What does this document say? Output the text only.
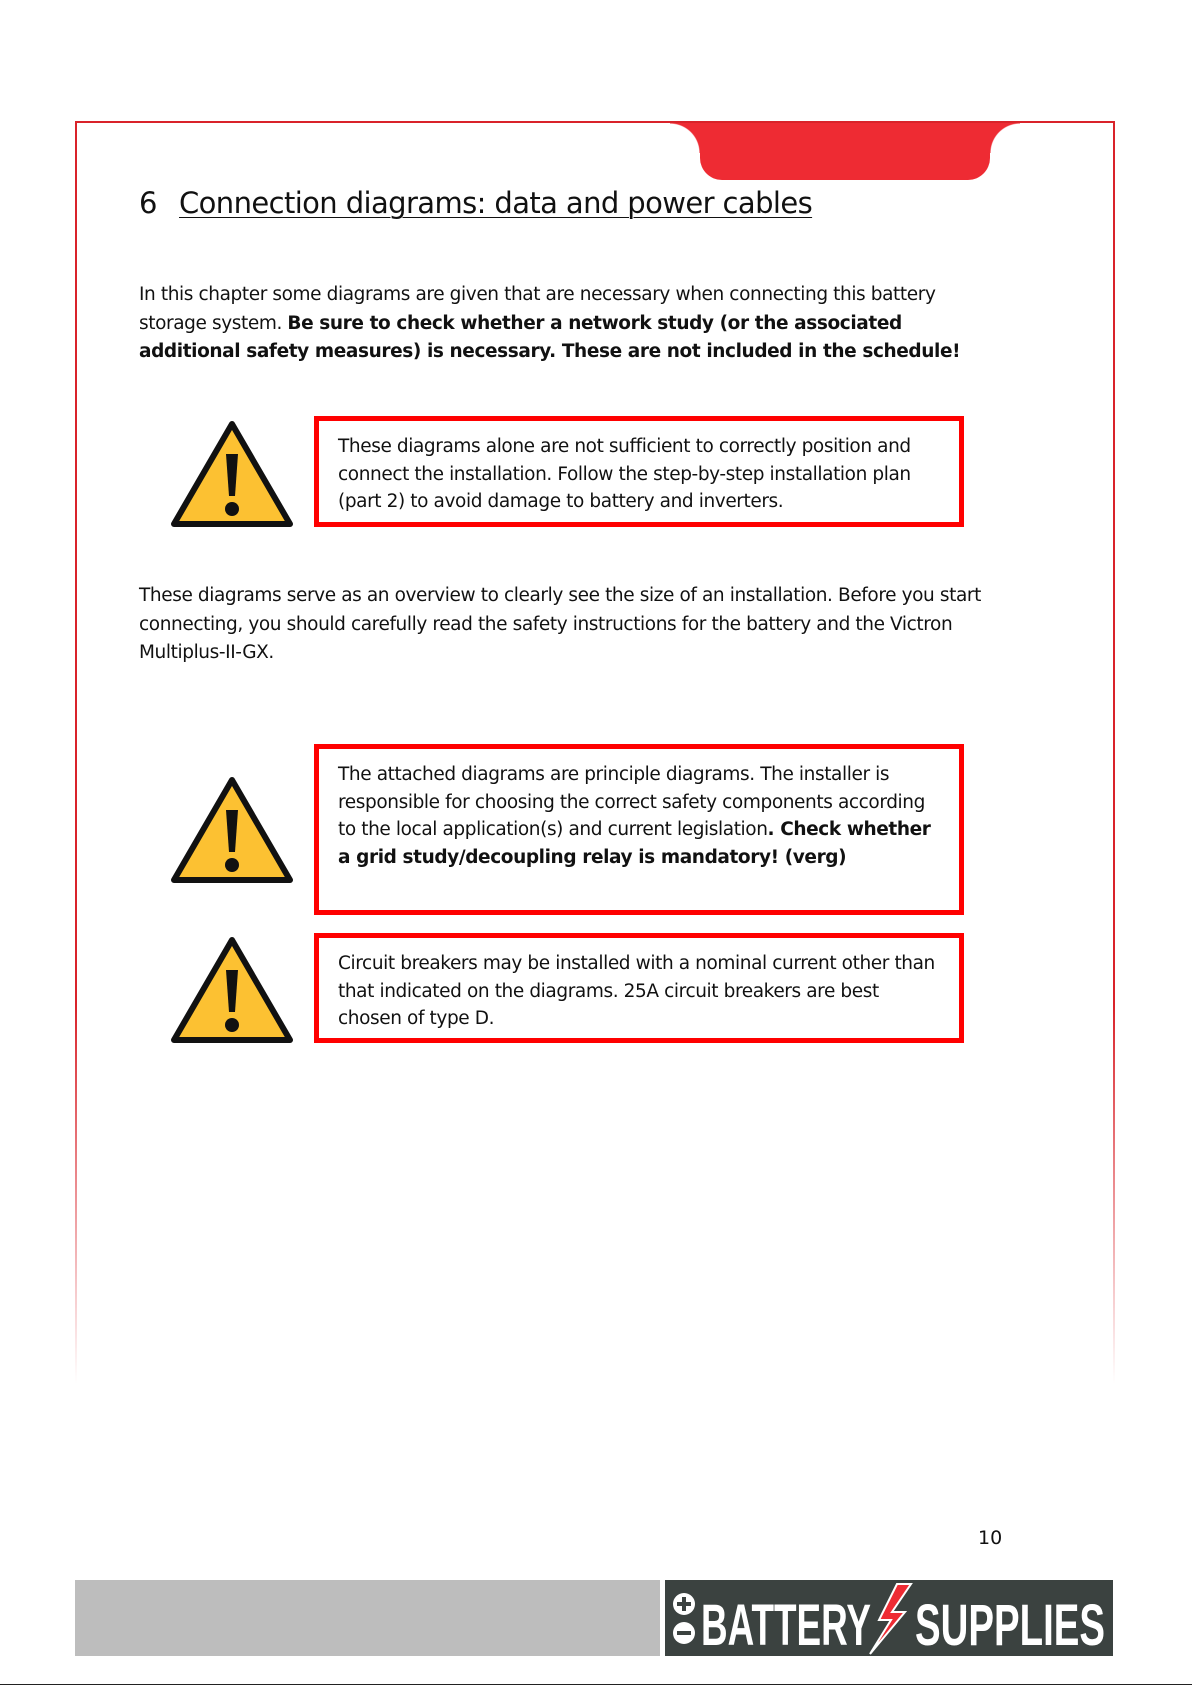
6 Connection diagrams: data and power cables

In this chapter some diagrams are given that are necessary when connecting this battery storage system. Be sure to check whether a network study (or the associated additional safety measures) is necessary. These are not included in the schedule!

These diagrams alone are not sufficient to correctly position and connect the installation. Follow the step-by-step installation plan (part 2) to avoid damage to battery and inverters.

These diagrams serve as an overview to clearly see the size of an installation. Before you start connecting, you should carefully read the safety instructions for the battery and the Victron Multiplus-II-GX.

The attached diagrams are principle diagrams. The installer is responsible for choosing the correct safety components according to the local application(s) and current legislation. Check whether a grid study/decoupling relay is mandatory! (verg)
Circuit breakers may be installed with a nominal current other than that indicated on the diagrams. 25A circuit breakers are best chosen of type D.
10
BATTERY SUPPLIES
